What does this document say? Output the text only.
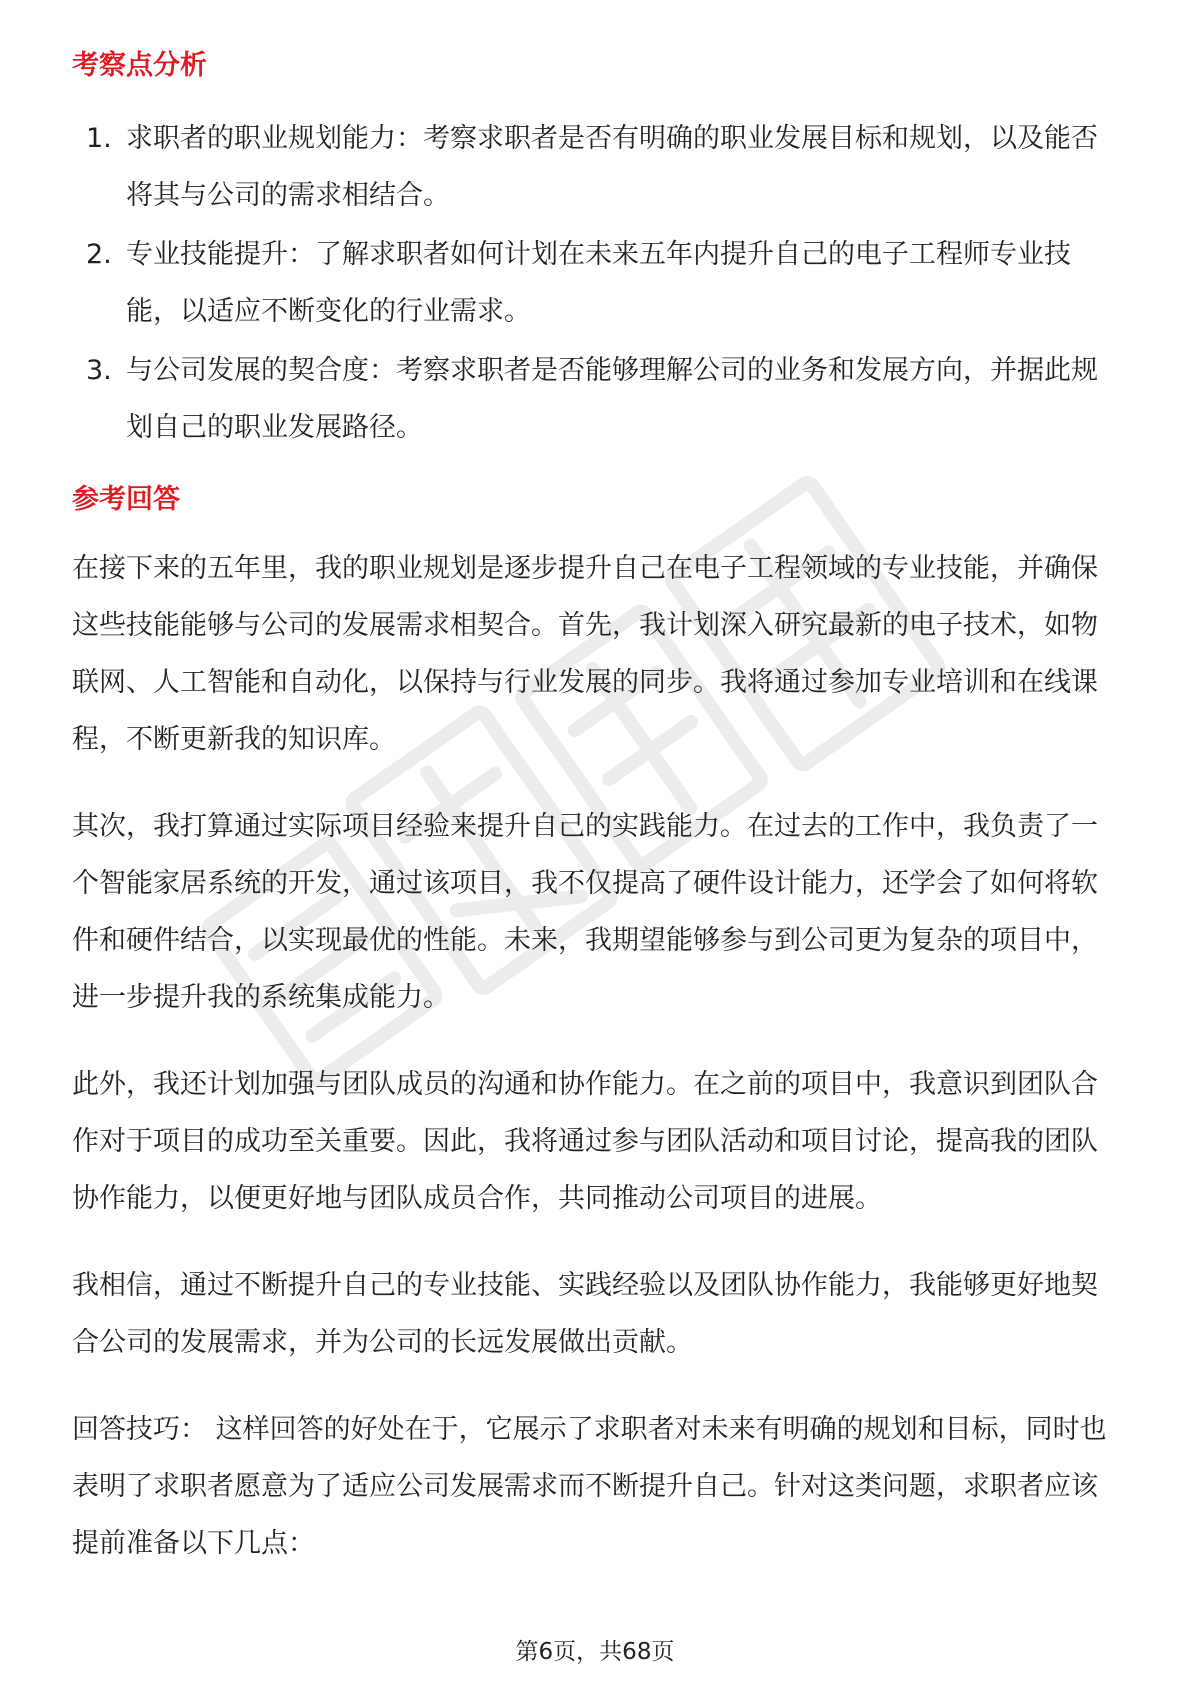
考察点分析
1. 求职者的职业规划能力：考察求职者是否有明确的职业发展目标和规划，以及能否将其与公司的需求相结合。
2. 专业技能提升：了解求职者如何计划在未来五年内提升自己的电子工程师专业技能，以适应不断变化的行业需求。
3. 与公司发展的契合度：考察求职者是否能够理解公司的业务和发展方向，并据此规划自己的职业发展路径。
参考回答

在接下来的五年里，我的职业规划是逐步提升自己在电子工程领域的专业技能，并确保这些技能能够与公司的发展需求相契合。首先，我计划深入研究最新的电子技术，如物联网、人工智能和自动化，以保持与行业发展的同步。我将通过参加专业培训和在线课程，不断更新我的知识库。

其次，我打算通过实际项目经验来提升自己的实践能力。在过去的工作中，我负责了一个智能家居系统的开发，通过该项目，我不仅提高了硬件设计能力，还学会了如何将软件和硬件结合，以实现最优的性能。未来，我期望能够参与到公司更为复杂的项目中，进一步提升我的系统集成能力。

此外，我还计划加强与团队成员的沟通和协作能力。在之前的项目中，我意识到团队合作对于项目的成功至关重要。因此，我将通过参与团队活动和项目讨论，提高我的团队协作能力，以便更好地与团队成员合作，共同推动公司项目的进展。

我相信，通过不断提升自己的专业技能、实践经验以及团队协作能力，我能够更好地契合公司的发展需求，并为公司的长远发展做出贡献。

回答技巧： 这样回答的好处在于，它展示了求职者对未来有明确的规划和目标，同时也表明了求职者愿意为了适应公司发展需求而不断提升自己。针对这类问题，求职者应该提前准备以下几点：

第6页，共68页
